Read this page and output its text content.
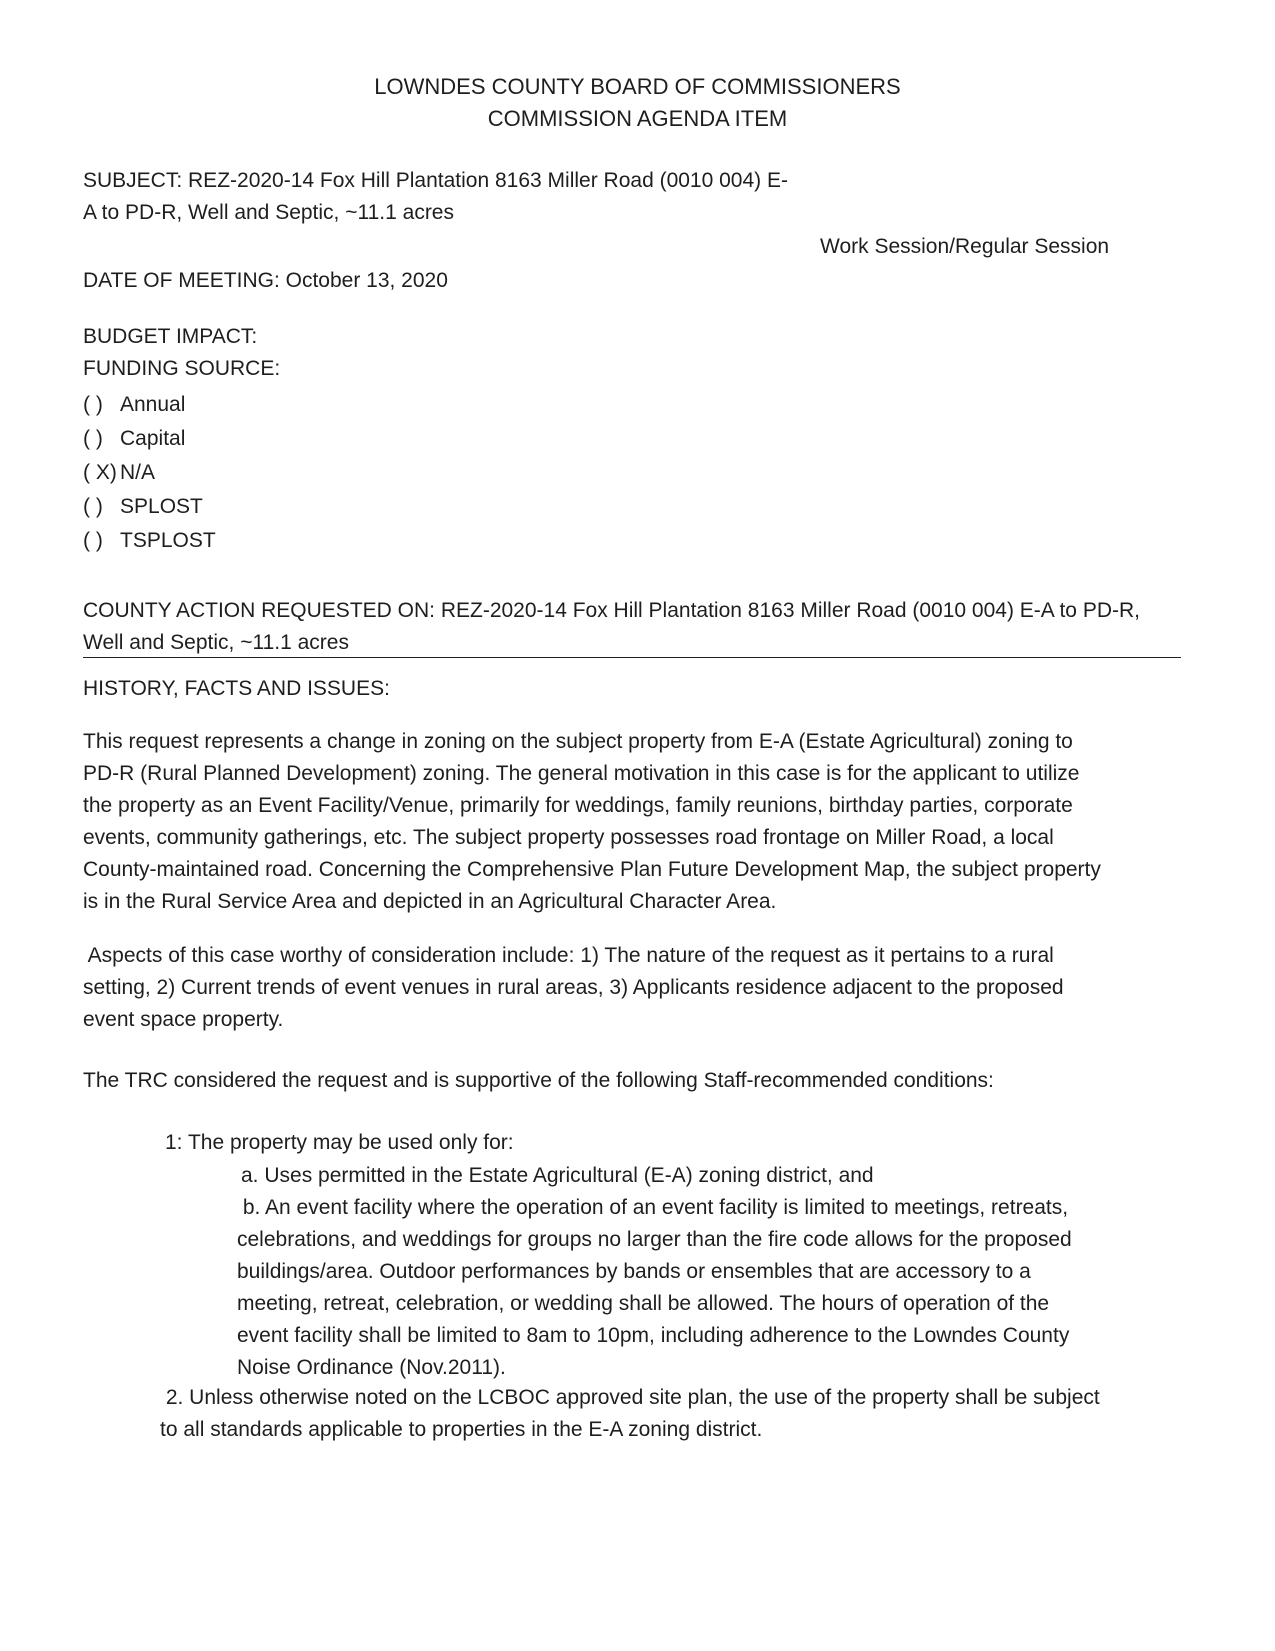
LOWNDES COUNTY BOARD OF COMMISSIONERS
COMMISSION AGENDA ITEM
SUBJECT: REZ-2020-14 Fox Hill Plantation 8163 Miller Road (0010 004) E-
A to PD-R, Well and Septic, ~11.1 acres
Work Session/Regular Session
DATE OF MEETING: October 13, 2020
BUDGET IMPACT:
FUNDING SOURCE:
( ) Annual
( ) Capital
( X) N/A
( ) SPLOST
( ) TSPLOST
COUNTY ACTION REQUESTED ON: REZ-2020-14 Fox Hill Plantation 8163 Miller Road (0010 004) E-A to PD-R,
Well and Septic, ~11.1 acres
HISTORY, FACTS AND ISSUES:
This request represents a change in zoning on the subject property from E-A (Estate Agricultural) zoning to
PD-R (Rural Planned Development) zoning. The general motivation in this case is for the applicant to utilize
the property as an Event Facility/Venue, primarily for weddings, family reunions, birthday parties, corporate
events, community gatherings, etc. The subject property possesses road frontage on Miller Road, a local
County-maintained road. Concerning the Comprehensive Plan Future Development Map, the subject property
is in the Rural Service Area and depicted in an Agricultural Character Area.
Aspects of this case worthy of consideration include: 1) The nature of the request as it pertains to a rural
setting, 2) Current trends of event venues in rural areas, 3) Applicants residence adjacent to the proposed
event space property.
The TRC considered the request and is supportive of the following Staff-recommended conditions:
1: The property may be used only for:
a. Uses permitted in the Estate Agricultural (E-A) zoning district, and
b. An event facility where the operation of an event facility is limited to meetings, retreats,
celebrations, and weddings for groups no larger than the fire code allows for the proposed
buildings/area. Outdoor performances by bands or ensembles that are accessory to a
meeting, retreat, celebration, or wedding shall be allowed. The hours of operation of the
event facility shall be limited to 8am to 10pm, including adherence to the Lowndes County
Noise Ordinance (Nov.2011).
2. Unless otherwise noted on the LCBOC approved site plan, the use of the property shall be subject
to all standards applicable to properties in the E-A zoning district.
